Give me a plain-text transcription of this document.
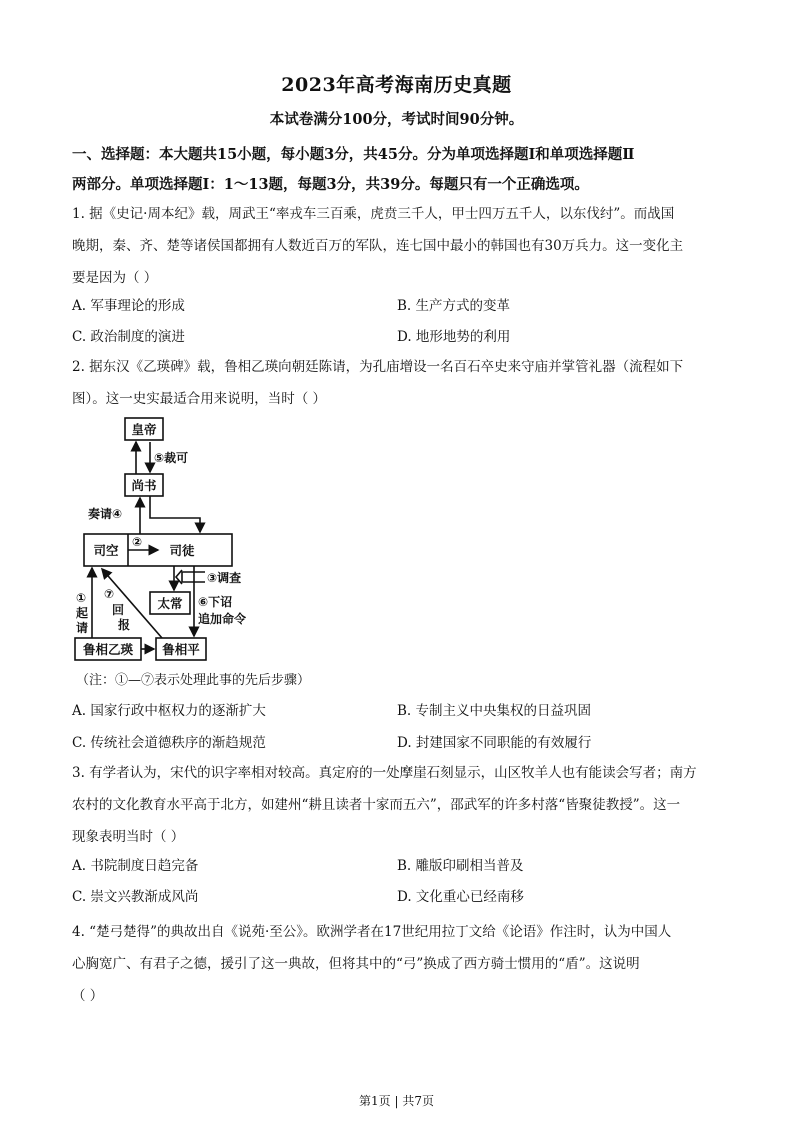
2023年高考海南历史真题
本试卷满分100分，考试时间90分钟。
一、选择题：本大题共15小题，每小题3分，共45分。分为单项选择题Ⅰ和单项选择题Ⅱ
两部分。单项选择题Ⅰ：1～13题，每题3分，共39分。每题只有一个正确选项。
1. 据《史记·周本纪》载，周武王“率戎车三百乘，虎贲三千人，甲士四万五千人，以东伐纣”。而战国
晚期，秦、齐、楚等诸侯国都拥有人数近百万的军队，连七国中最小的韩国也有30万兵力。这一变化主
要是因为（ ）
A. 军事理论的形成	B. 生产方式的变革
C. 政治制度的演进	D. 地形地势的利用
2. 据东汉《乙瑛碑》载，鲁相乙瑛向朝廷陈请，为孔庙增设一名百石卒史来守庙并掌管礼器（流程如下
图）。这一史实最适合用来说明，当时（ ）
皇帝
尚书
司空	司徒
太常
鲁相乙瑛 鲁相平
⑤裁可
奏请④
②
③调查
⑥下诏
追加命令
①
起
请
⑦
回
报
（注：①—⑦表示处理此事的先后步骤）
A. 国家行政中枢权力的逐渐扩大	B. 专制主义中央集权的日益巩固
C. 传统社会道德秩序的渐趋规范	D. 封建国家不同职能的有效履行
3. 有学者认为，宋代的识字率相对较高。真定府的一处摩崖石刻显示，山区牧羊人也有能读会写者；南方
农村的文化教育水平高于北方，如建州“耕且读者十家而五六”，邵武军的许多村落“皆聚徒教授”。这一
现象表明当时（ ）
A. 书院制度日趋完备	B. 雕版印刷相当普及
C. 崇文兴教渐成风尚	D. 文化重心已经南移
4. “楚弓楚得”的典故出自《说苑·至公》。欧洲学者在17世纪用拉丁文给《论语》作注时，认为中国人
心胸宽广、有君子之德，援引了这一典故，但将其中的“弓”换成了西方骑士惯用的“盾”。这说明
（ ）
第1页 | 共7页
